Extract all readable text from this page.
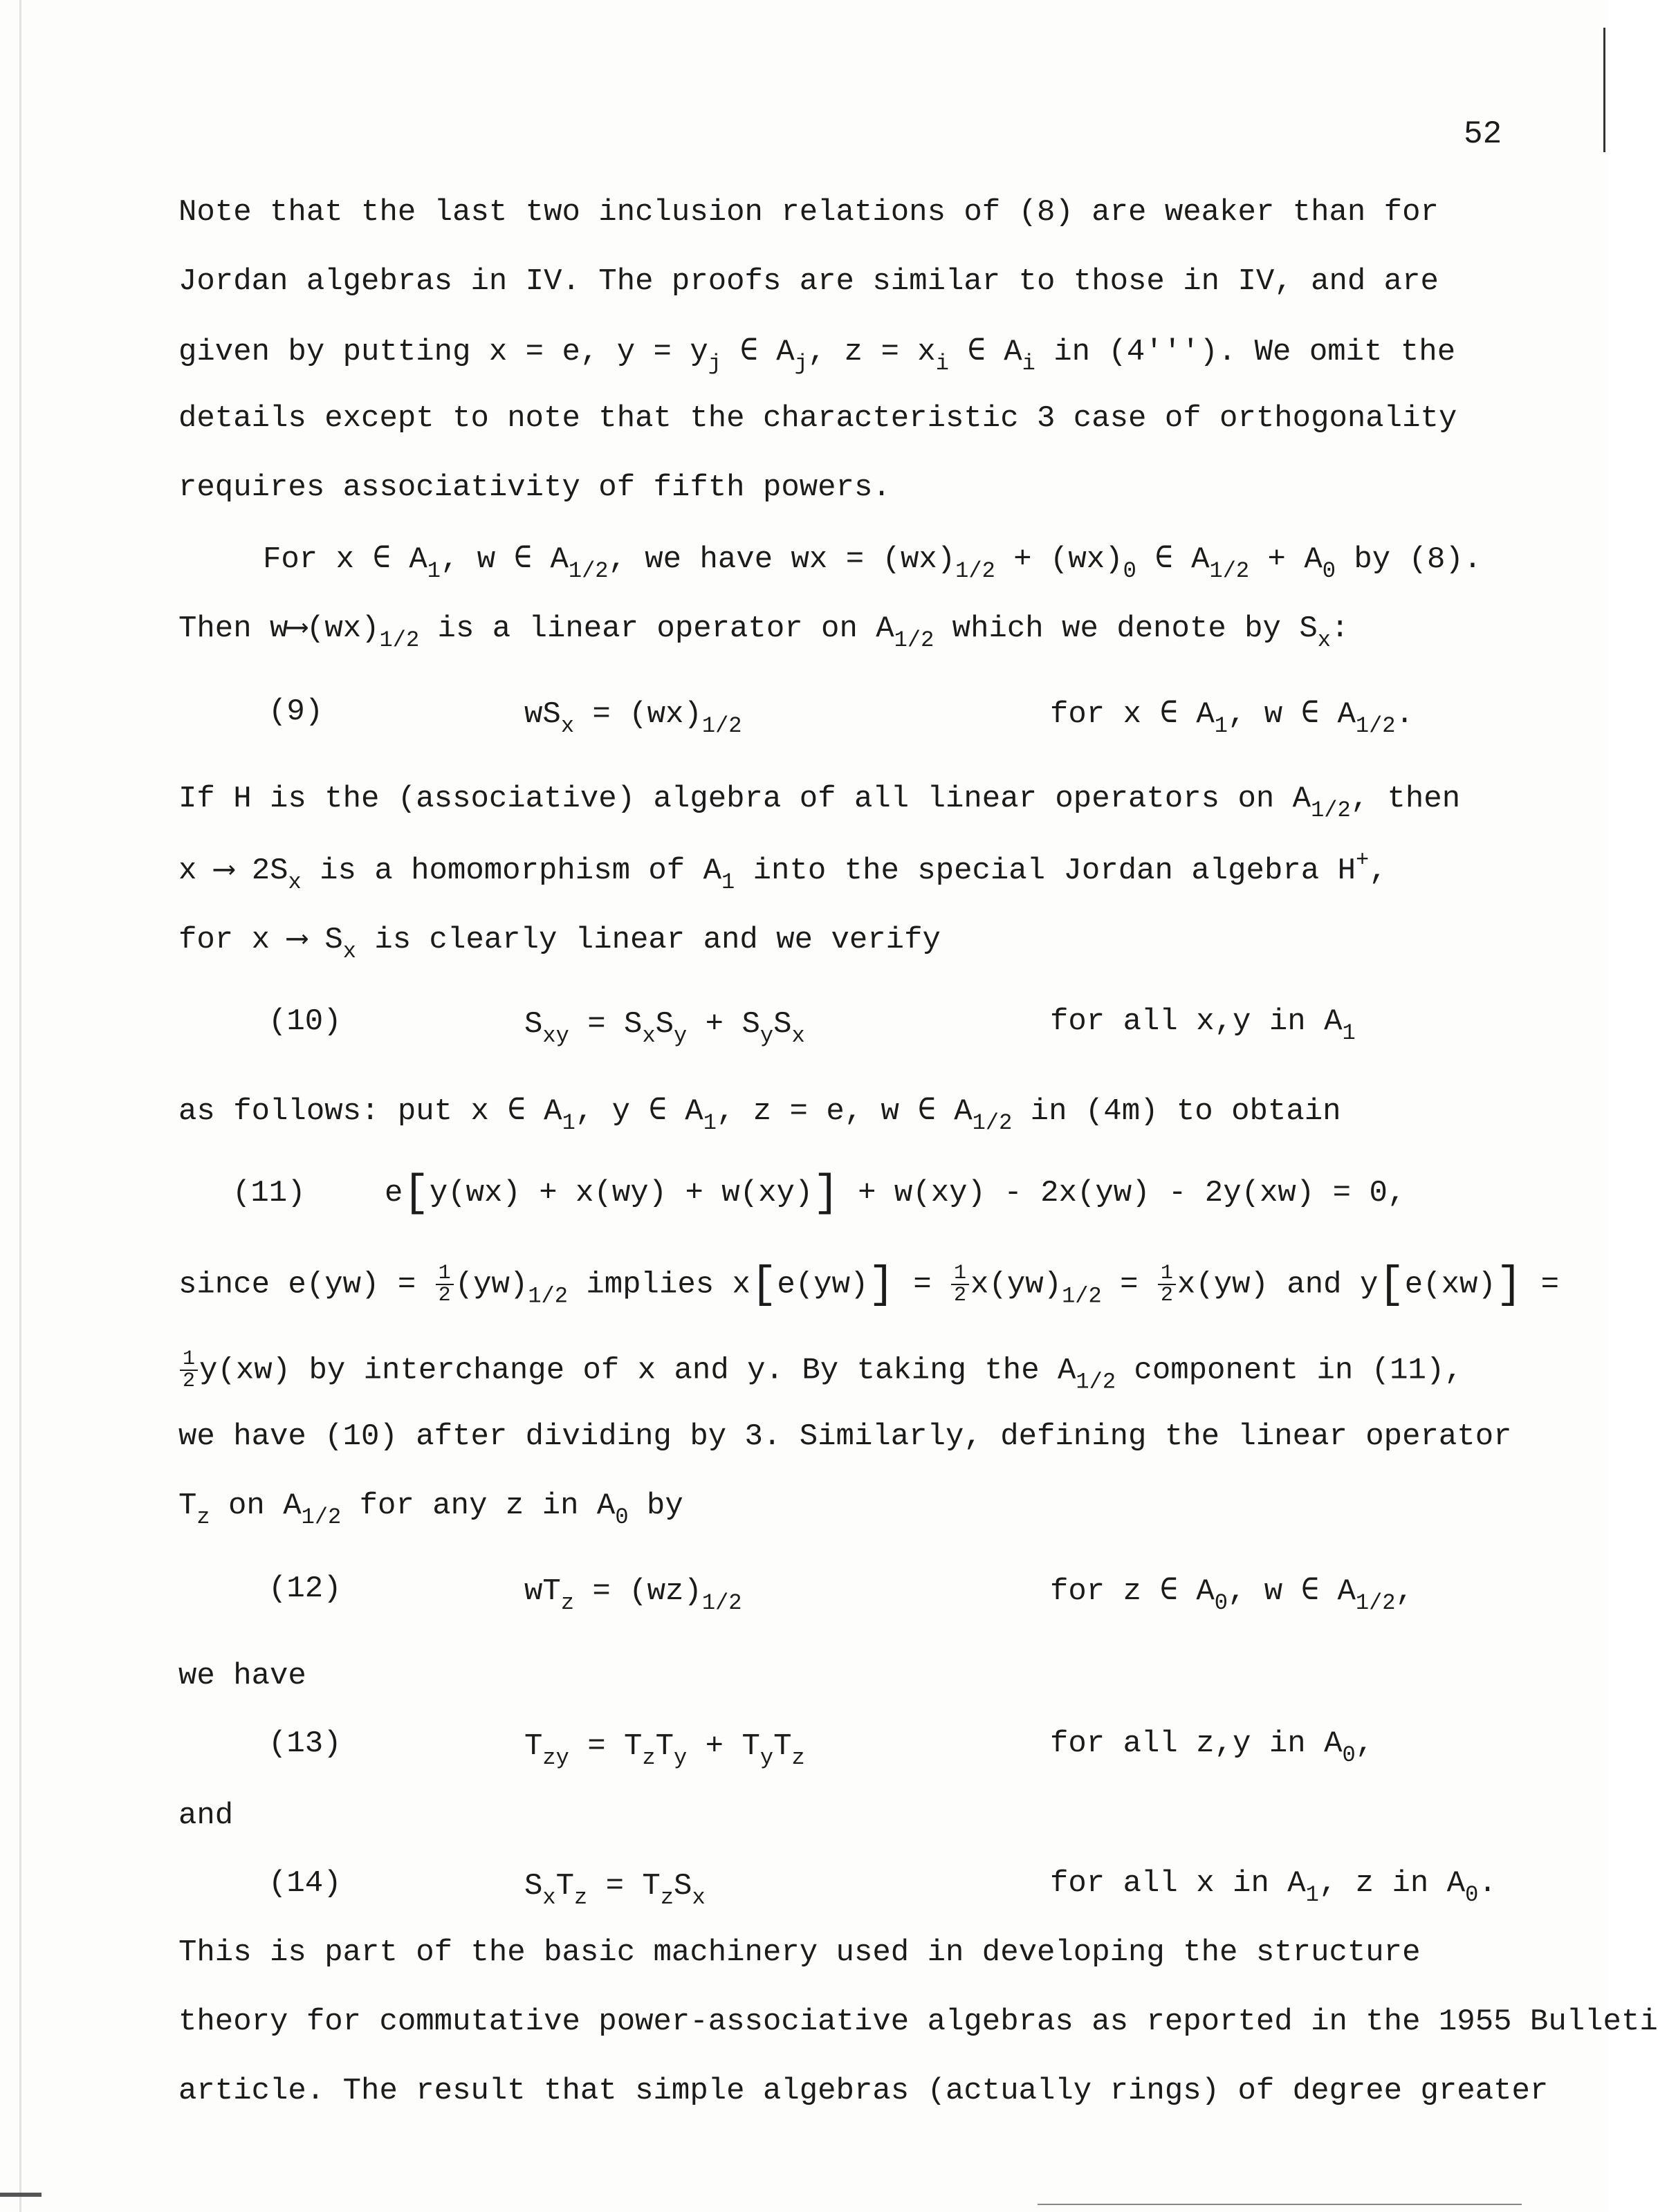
52
Note that the last two inclusion relations of (8) are weaker than for
Jordan algebras in IV. The proofs are similar to those in IV, and are
given by putting x = e, $y = y_j$ ∈ $A_j$, $z = x_i$ ∈ $A_i$ in (4'''). We omit the
details except to note that the characteristic 3 case of orthogonality
requires associativity of fifth powers.
For x ∈ $A_1$, w ∈ $A_{1/2}$, we have wx = $(wx)_{1/2} + (wx)_0$ ∈ $A_{1/2} + A_0$ by (8).
Then $w⟶(wx)_{1/2}$ is a linear operator on $A_{1/2}$ which we denote by $S_x$:
(9)	$wS_x = (wx)_{1/2}$	for x ∈ $A_1$, w ∈ $A_{1/2}$.
If H is the (associative) algebra of all linear operators on $A_{1/2}$, then
x ⟶ $2S_x$ is a homomorphism of $A_1$ into the special Jordan algebra H+,
for x ⟶ $S_x$ is clearly linear and we verify
(10)	$S_{xy} = S_xS_y + S_yS_x$	for all x,y in $A_1$
as follows: put x ∈ $A_1$, y ∈ $A_1$, z = e, w ∈ $A_{1/2}$ in (4m) to obtain
(11)	e[y(wx) + x(wy) + w(xy)] + w(xy) - 2x(yw) - 2y(xw) = 0,
since $e(yw) = \frac{1}{2} (yw)_{1/2}$ implies $x[e(yw)] = \frac{1}{2} x(yw)_{1/2} = \frac{1}{2} x(yw)$ and y[e(xw)] =
$\frac{1}{2} y(xw)$ by interchange of x and y. By taking the $A_{1/2}$ component in (11),
we have (10) after dividing by 3. Similarly, defining the linear operator
$T_z$ on $A_{1/2}$ for any z in $A_0$ by
(12)	$wT_z = (wz)_{1/2}$	for z ∈ $A_0$, w ∈ $A_{1/2}$,
we have
(13)	$T_{zy} = T_zT_y + T_yT_z$	for all z,y in $A_0$,
and
(14)	$S_xT_z = T_zS_x$	for all x in $A_1$, z in $A_0$.
This is part of the basic machinery used in developing the structure
theory for commutative power-associative algebras as reported in the 1955 Bulleti
article. The result that simple algebras (actually rings) of degree greater
